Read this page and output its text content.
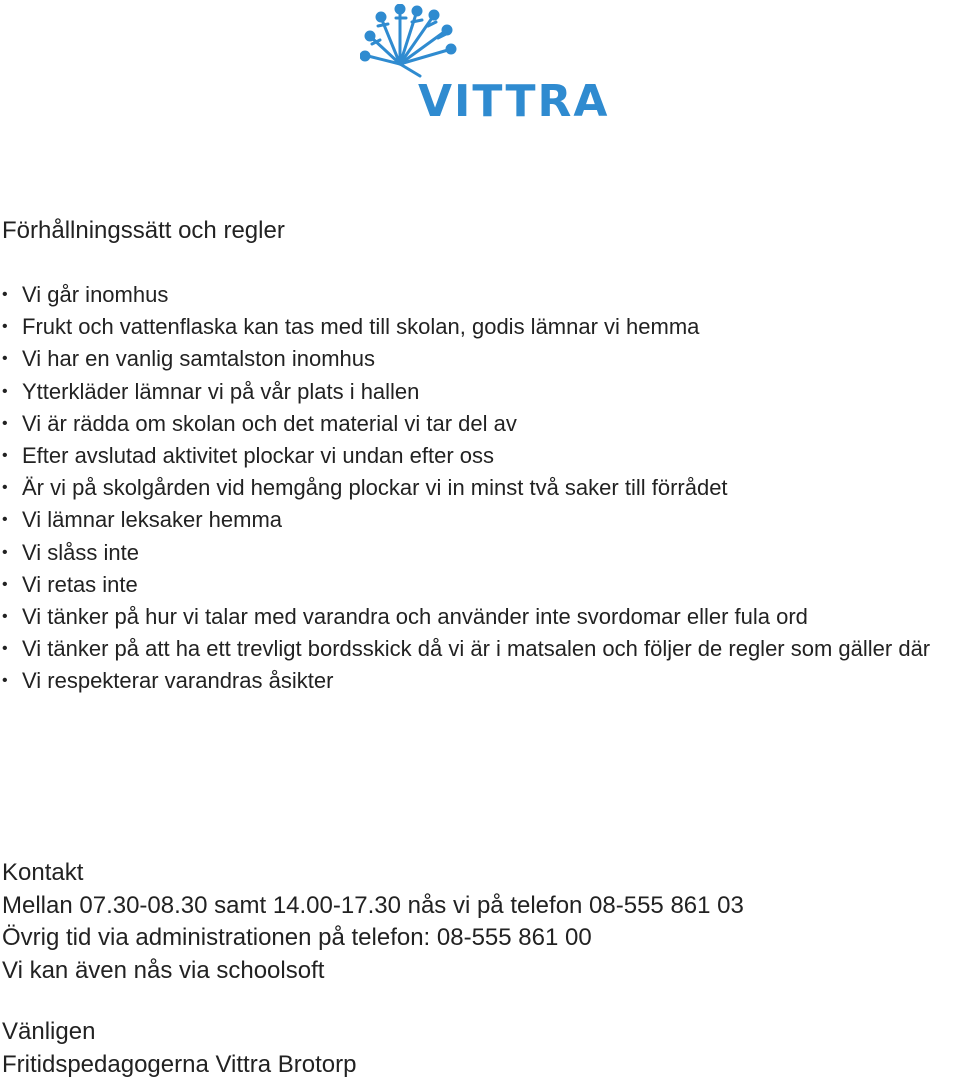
VITTRA
Förhållningssätt och regler
• Vi går inomhus
• Frukt och vattenflaska kan tas med till skolan, godis lämnar vi hemma
• Vi har en vanlig samtalston inomhus
• Ytterkläder lämnar vi på vår plats i hallen
• Vi är rädda om skolan och det material vi tar del av
• Efter avslutad aktivitet plockar vi undan efter oss
• Är vi på skolgården vid hemgång plockar vi in minst två saker till förrådet
• Vi lämnar leksaker hemma
• Vi slåss inte
• Vi retas inte
• Vi tänker på hur vi talar med varandra och använder inte svordomar eller fula ord
• Vi tänker på att ha ett trevligt bordsskick då vi är i matsalen och följer de regler som gäller där
• Vi respekterar varandras åsikter
Kontakt
Mellan 07.30-08.30 samt 14.00-17.30 nås vi på telefon 08-555 861 03
Övrig tid via administrationen på telefon: 08-555 861 00
Vi kan även nås via schoolsoft
Vänligen
Fritidspedagogerna Vittra Brotorp
